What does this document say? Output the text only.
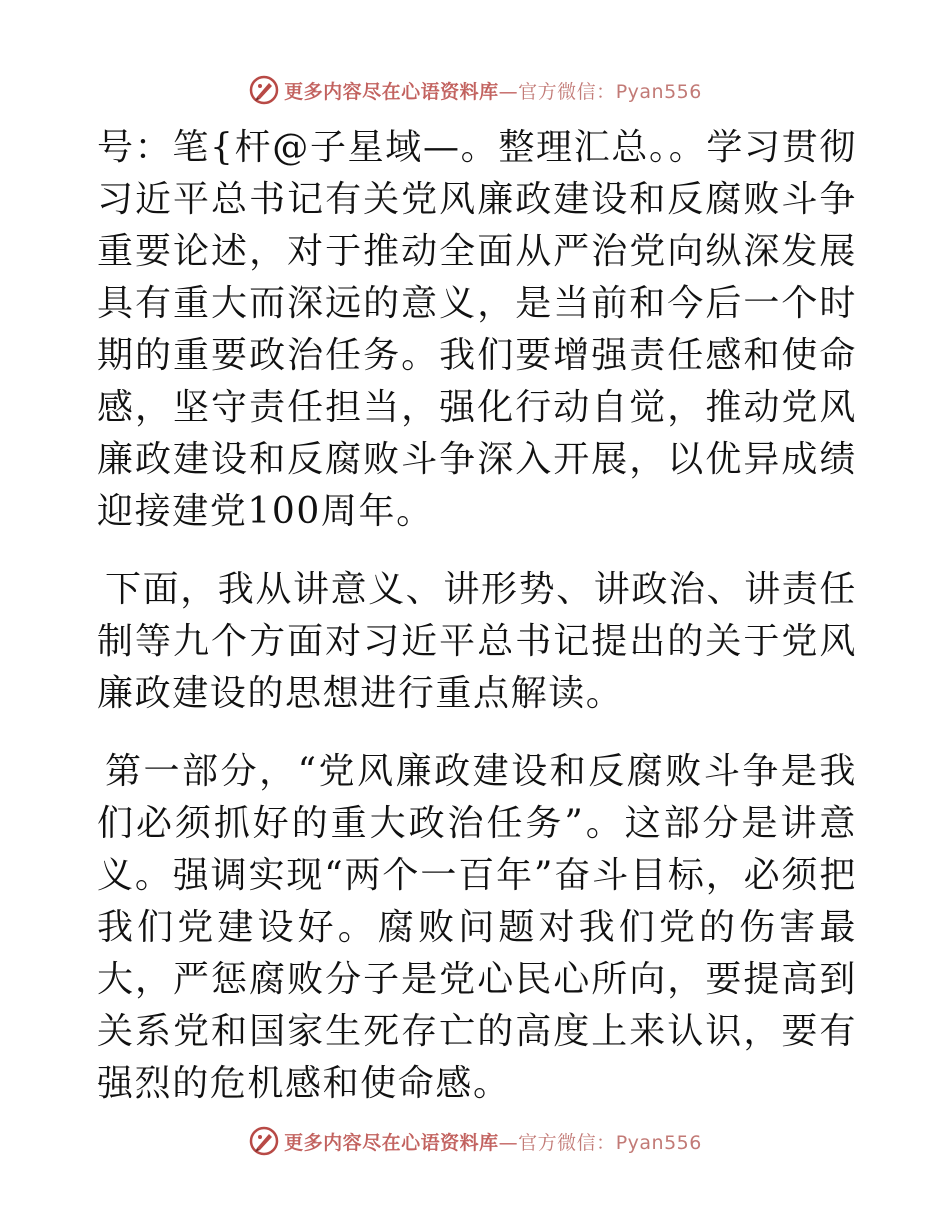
更多内容尽在心语资料库—官方微信：Pyan556

号：笔{杆@子星域—。整理汇总。。学习贯彻习近平总书记有关党风廉政建设和反腐败斗争重要论述，对于推动全面从严治党向纵深发展具有重大而深远的意义，是当前和今后一个时期的重要政治任务。我们要增强责任感和使命感，坚守责任担当，强化行动自觉，推动党风廉政建设和反腐败斗争深入开展，以优异成绩迎接建党100周年。

下面，我从讲意义、讲形势、讲政治、讲责任制等九个方面对习近平总书记提出的关于党风廉政建设的思想进行重点解读。

第一部分，“党风廉政建设和反腐败斗争是我们必须抓好的重大政治任务”。这部分是讲意义。强调实现“两个一百年”奋斗目标，必须把我们党建设好。腐败问题对我们党的伤害最大，严惩腐败分子是党心民心所向，要提高到关系党和国家生死存亡的高度上来认识，要有强烈的危机感和使命感。

更多内容尽在心语资料库—官方微信：Pyan556
